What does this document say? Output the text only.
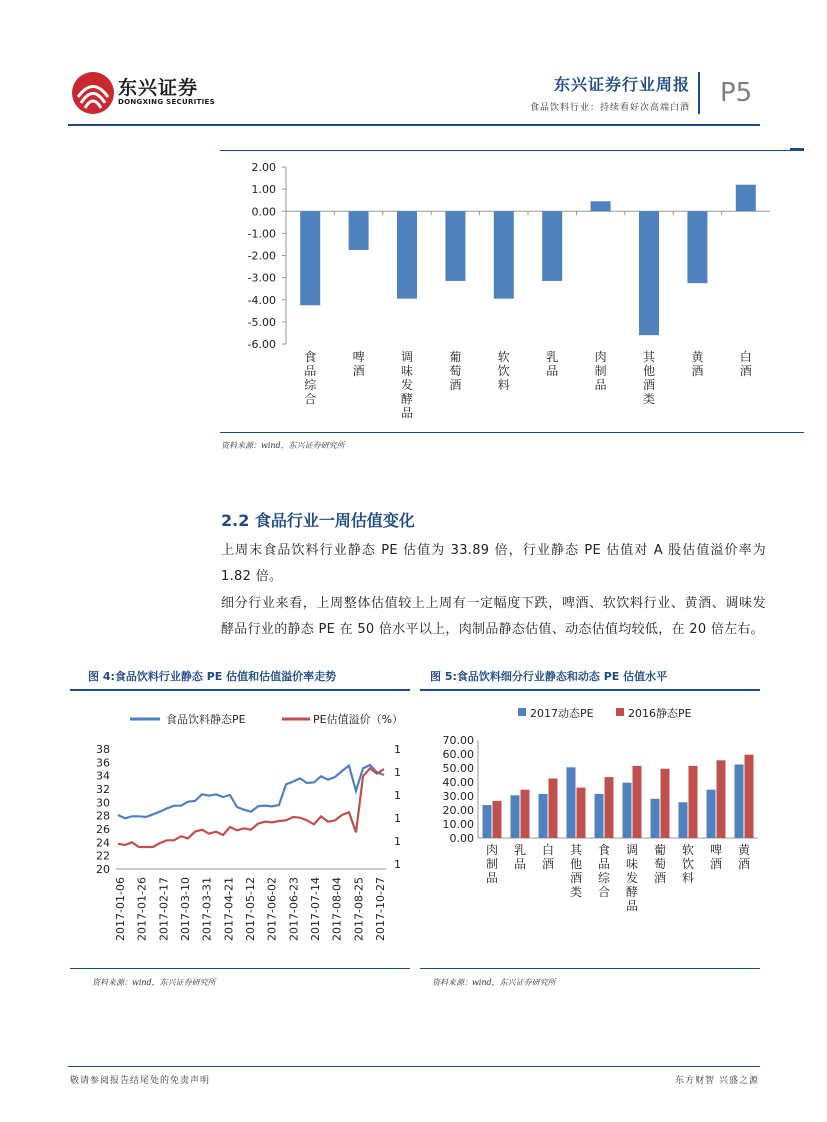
东兴证券
DONGXING SECURITIES
东兴证券行业周报
食品饮料行业：持续看好次高端白酒 P5
2.00
1.00
0.00
-1.00
-2.00
-3.00
-4.00
-5.00
-6.00
食品综合
啤酒
调味发酵品
葡萄酒
软饮料
乳品
肉制品
其他酒类
黄酒
白酒
资料来源：wind，东兴证券研究所
2.2 食品行业一周估值变化
上周末食品饮料行业静态 PE 估值为 33.89 倍，行业静态 PE 估值对 A 股估值溢价率为 1.82 倍。
细分行业来看，上周整体估值较上上周有一定幅度下跌，啤酒、软饮料行业、黄酒、调味发酵品行业的静态 PE 在 50 倍水平以上，肉制品静态估值、动态估值均较低，在 20 倍左右。
图 4:食品饮料行业静态 PE 估值和估值溢价率走势
食品饮料静态PE	PE估值溢价（%）
38
36
34
32
30
28
26
24
22
20
1
1
1
1
1
1
2017-01-06 2017-01-26 2017-02-17 2017-03-10 2017-03-31 2017-04-21 2017-05-12 2017-06-02 2017-06-23 2017-07-14 2017-08-04 2017-08-25 2017-10-27
资料来源：wind，东兴证券研究所
图 5:食品饮料细分行业静态和动态 PE 估值水平
2017动态PE	2016静态PE
70.00
60.00
50.00
40.00
30.00
20.00
10.00
0.00
肉制品
乳品
白酒
其他酒类
食品综合
调味发酵品
葡萄酒
软饮料
啤酒
黄酒
资料来源：wind，东兴证券研究所
敬请参阅报告结尾处的免责声明	东方财智 兴盛之源
